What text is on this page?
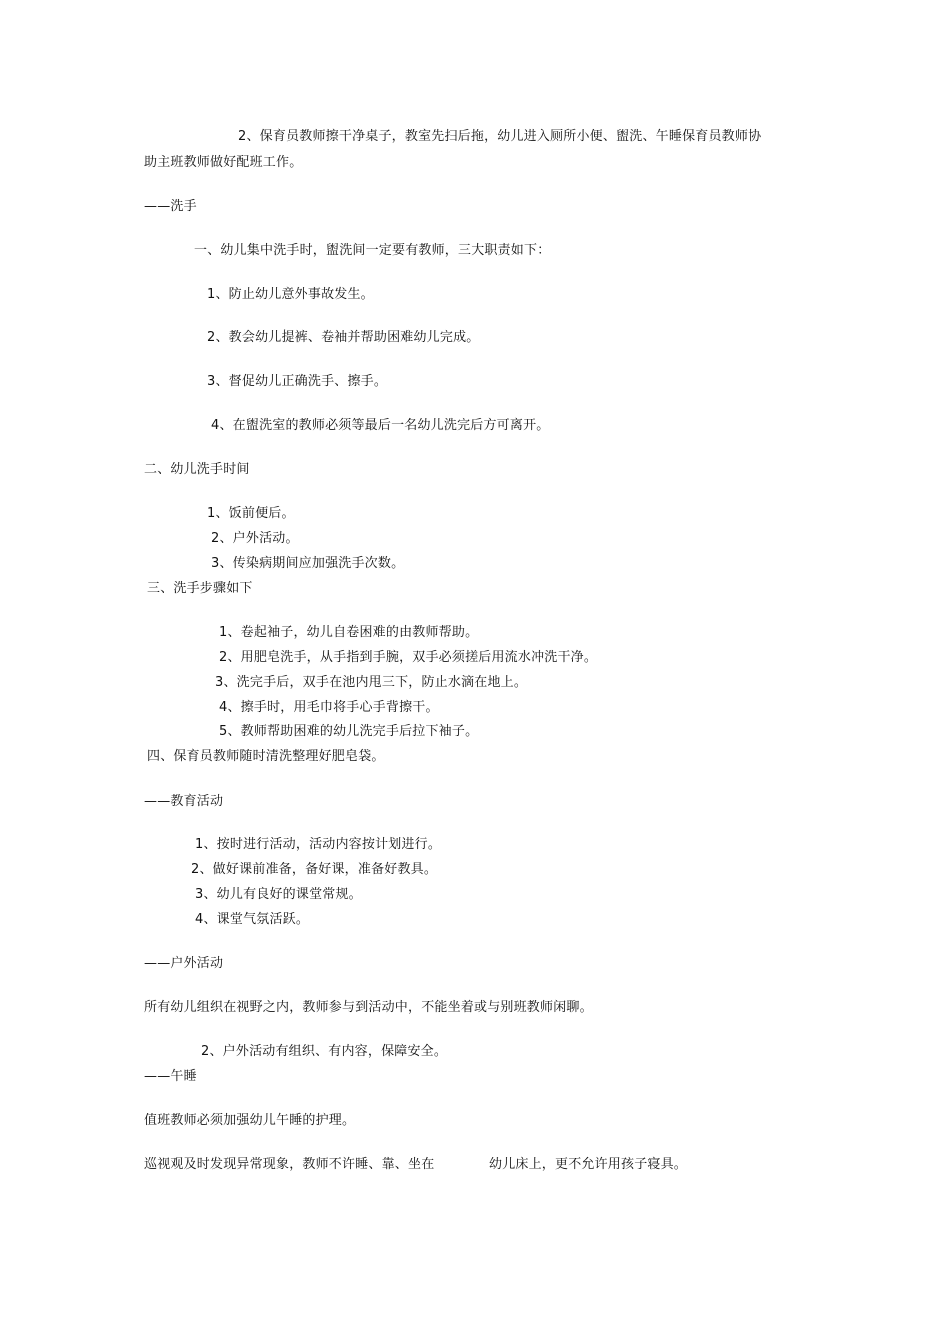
2、保育员教师擦干净桌子，教室先扫后拖，幼儿进入厕所小便、盥洗、午睡保育员教师协
助主班教师做好配班工作。
——洗手
一、幼儿集中洗手时，盥洗间一定要有教师，三大职责如下：
1、防止幼儿意外事故发生。
2、教会幼儿提裤、卷袖并帮助困难幼儿完成。
3、督促幼儿正确洗手、擦手。
4、在盥洗室的教师必须等最后一名幼儿洗完后方可离开。
二、幼儿洗手时间
1、饭前便后。
2、户外活动。
3、传染病期间应加强洗手次数。
三、洗手步骤如下
1、卷起袖子，幼儿自卷困难的由教师帮助。
2、用肥皂洗手，从手指到手腕，双手必须搓后用流水冲洗干净。
3、洗完手后，双手在池内甩三下，防止水滴在地上。
4、擦手时，用毛巾将手心手背擦干。
5、教师帮助困难的幼儿洗完手后拉下袖子。
四、保育员教师随时清洗整理好肥皂袋。
——教育活动
1、按时进行活动，活动内容按计划进行。
2、做好课前准备，备好课，准备好教具。
3、幼儿有良好的课堂常规。
4、课堂气氛活跃。
——户外活动
所有幼儿组织在视野之内，教师参与到活动中，不能坐着或与别班教师闲聊。
2、户外活动有组织、有内容，保障安全。
——午睡
值班教师必须加强幼儿午睡的护理。
巡视观及时发现异常现象，教师不许睡、靠、坐在	幼儿床上，更不允许用孩子寝具。
